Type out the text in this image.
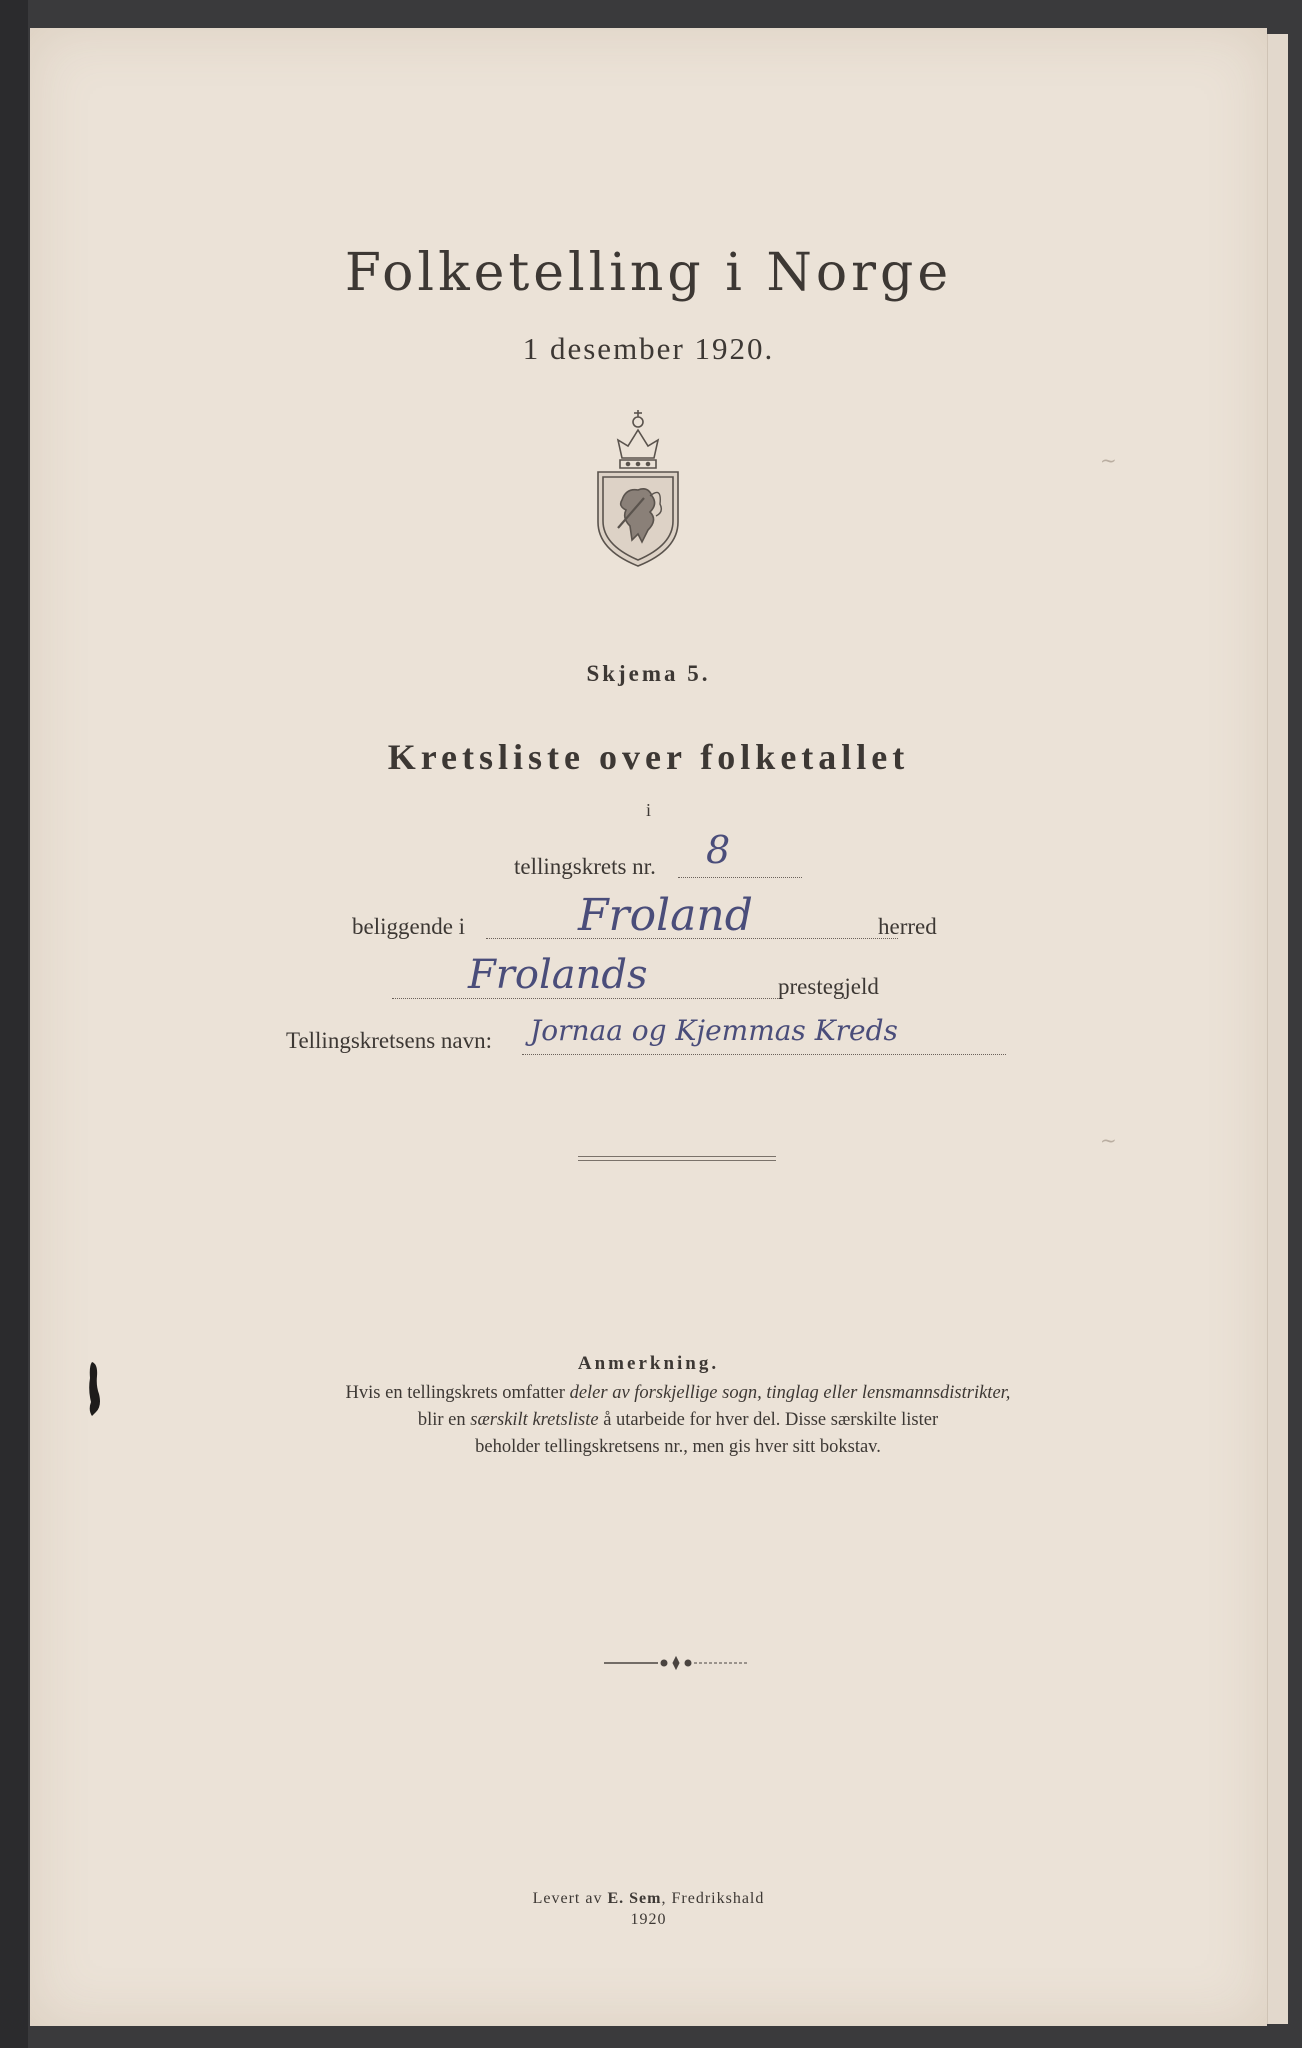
~
~
Folketelling i Norge
1 desember 1920.
Skjema 5.
Kretsliste over folketallet
i
tellingskrets nr. 8
beliggende i	Froland	herred
Frolands	prestegjeld
Tellingskretsens navn: Jornaa og Kjemmas Kreds
Anmerkning.
Hvis en tellingskrets omfatter deler av forskjellige sogn, tinglag eller lensmannsdistrikter,
blir en særskilt kretsliste å utarbeide for hver del. Disse særskilte lister
beholder tellingskretsens nr., men gis hver sitt bokstav.
Levert av E. Sem, Fredrikshald
1920
